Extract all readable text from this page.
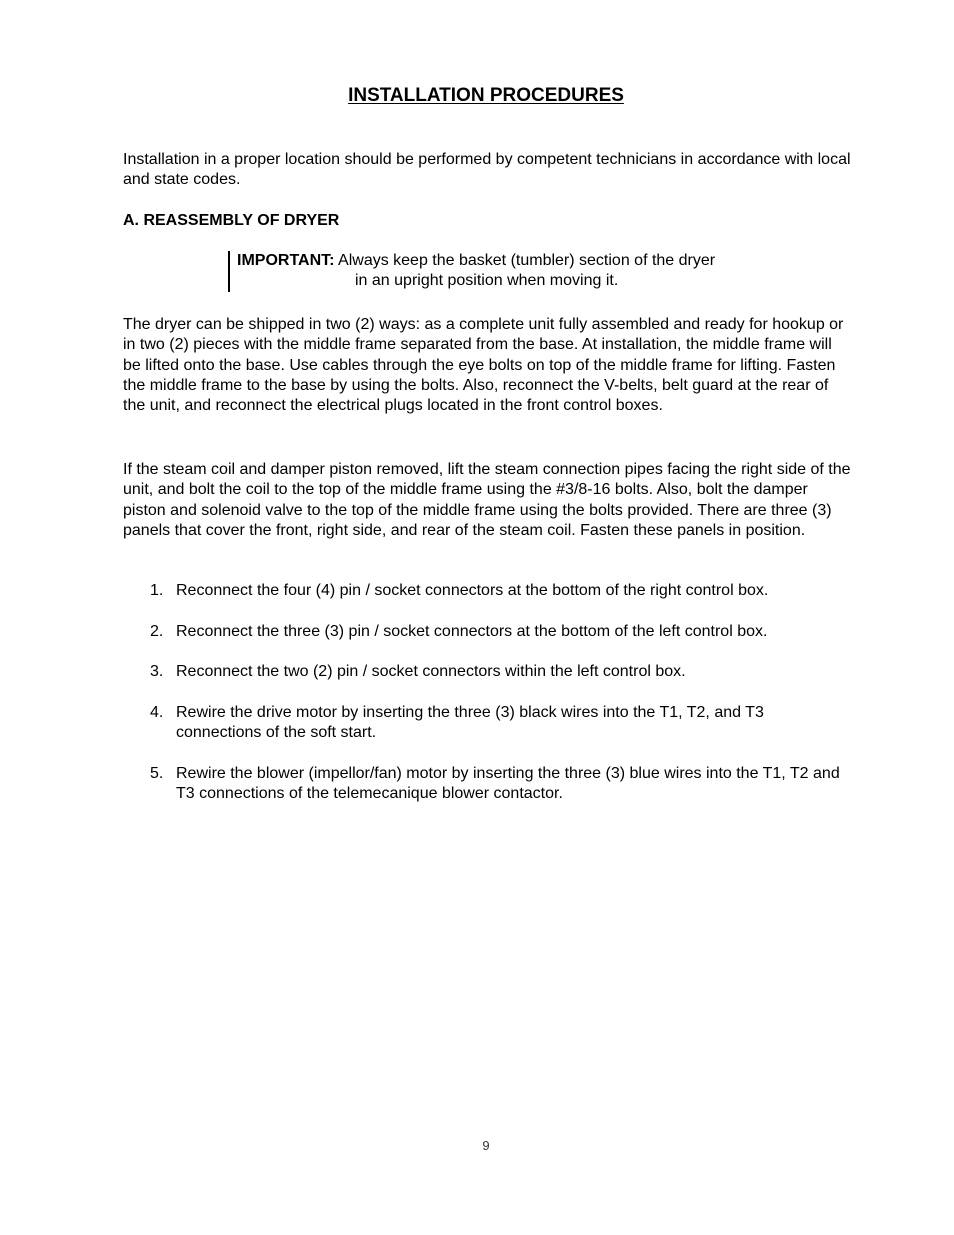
INSTALLATION PROCEDURES

Installation in a proper location should be performed by competent technicians in accordance with local and state codes.

A. REASSEMBLY OF DRYER
IMPORTANT: Always keep the basket (tumbler) section of the dryer
in an upright position when moving it.

The dryer can be shipped in two (2) ways: as a complete unit fully assembled and ready for hookup or in two (2) pieces with the middle frame separated from the base. At installation, the middle frame will be lifted onto the base. Use cables through the eye bolts on top of the middle frame for lifting. Fasten the middle frame to the base by using the bolts. Also, reconnect the V-belts, belt guard at the rear of the unit, and reconnect the electrical plugs located in the front control boxes.

If the steam coil and damper piston removed, lift the steam connection pipes facing the right side of the unit, and bolt the coil to the top of the middle frame using the #3/8-16 bolts. Also, bolt the damper piston and solenoid valve to the top of the middle frame using the bolts provided. There are three (3) panels that cover the front, right side, and rear of the steam coil. Fasten these panels in position.

1. Reconnect the four (4) pin / socket connectors at the bottom of the right control box.
2. Reconnect the three (3) pin / socket connectors at the bottom of the left control box.
3. Reconnect the two (2) pin / socket connectors within the left control box.
4. Rewire the drive motor by inserting the three (3) black wires into the T1, T2, and T3 connections of the soft start.
5. Rewire the blower (impellor/fan) motor by inserting the three (3) blue wires into the T1, T2 and T3 connections of the telemecanique blower contactor.
9
